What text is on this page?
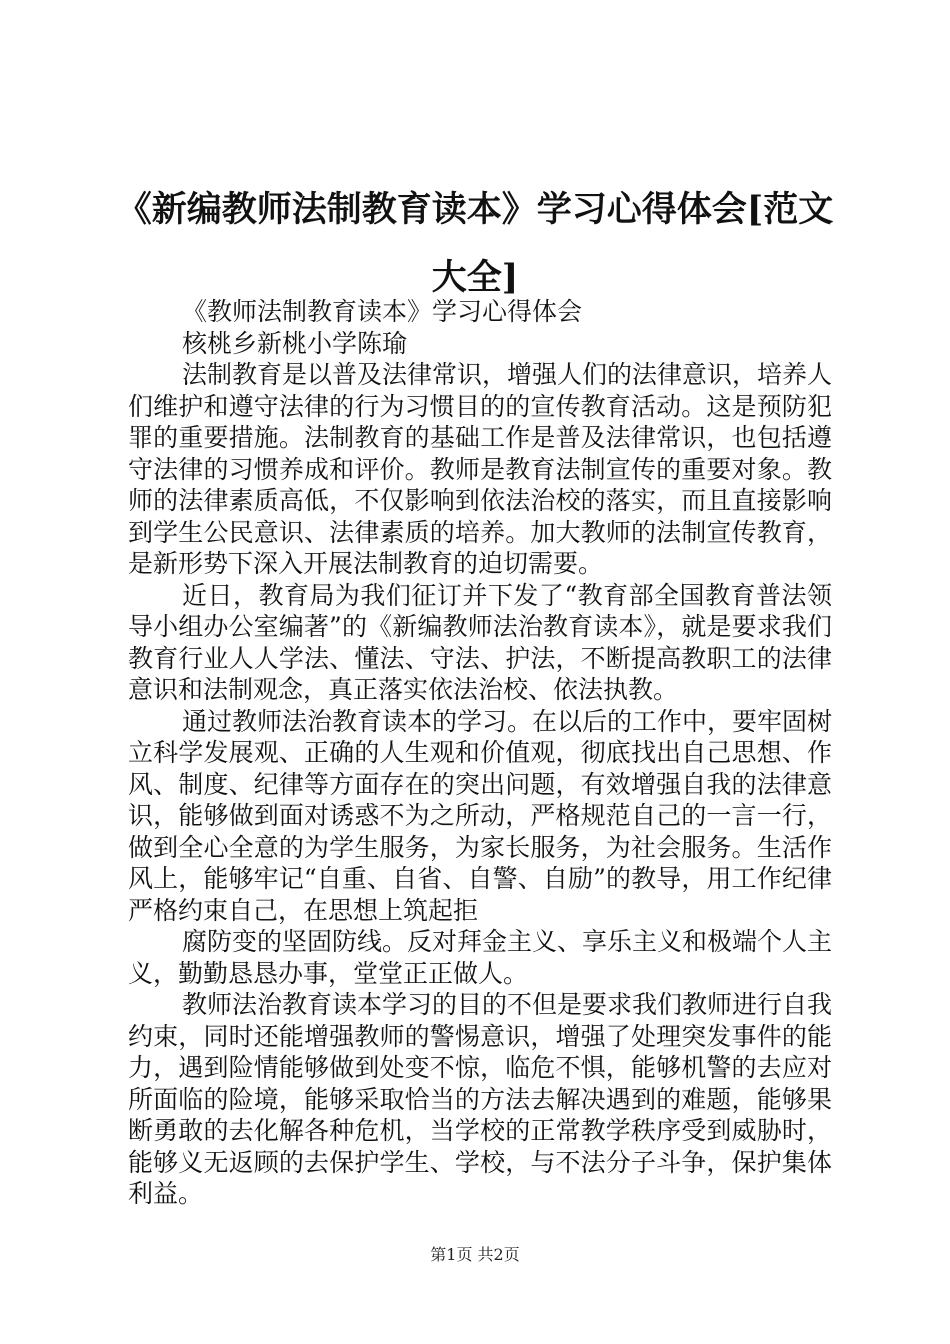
《新编教师法制教育读本》学习心得体会[范文大全]

《教师法制教育读本》学习心得体会

核桃乡新桃小学陈瑜

法制教育是以普及法律常识，增强人们的法律意识，培养人们维护和遵守法律的行为习惯目的的宣传教育活动。这是预防犯罪的重要措施。法制教育的基础工作是普及法律常识，也包括遵守法律的习惯养成和评价。教师是教育法制宣传的重要对象。教师的法律素质高低，不仅影响到依法治校的落实，而且直接影响到学生公民意识、法律素质的培养。加大教师的法制宣传教育，是新形势下深入开展法制教育的迫切需要。

近日，教育局为我们征订并下发了“教育部全国教育普法领导小组办公室编著”的《新编教师法治教育读本》，就是要求我们教育行业人人学法、懂法、守法、护法，不断提高教职工的法律意识和法制观念，真正落实依法治校、依法执教。

通过教师法治教育读本的学习。在以后的工作中，要牢固树立科学发展观、正确的人生观和价值观，彻底找出自己思想、作风、制度、纪律等方面存在的突出问题，有效增强自我的法律意识，能够做到面对诱惑不为之所动，严格规范自己的一言一行，做到全心全意的为学生服务，为家长服务，为社会服务。生活作风上，能够牢记“自重、自省、自警、自励”的教导，用工作纪律严格约束自己，在思想上筑起拒

腐防变的坚固防线。反对拜金主义、享乐主义和极端个人主义，勤勤恳恳办事，堂堂正正做人。

教师法治教育读本学习的目的不但是要求我们教师进行自我约束，同时还能增强教师的警惕意识，增强了处理突发事件的能力，遇到险情能够做到处变不惊，临危不惧，能够机警的去应对所面临的险境，能够采取恰当的方法去解决遇到的难题，能够果断勇敢的去化解各种危机，当学校的正常教学秩序受到威胁时，能够义无返顾的去保护学生、学校，与不法分子斗争，保护集体利益。

第1页 共2页
